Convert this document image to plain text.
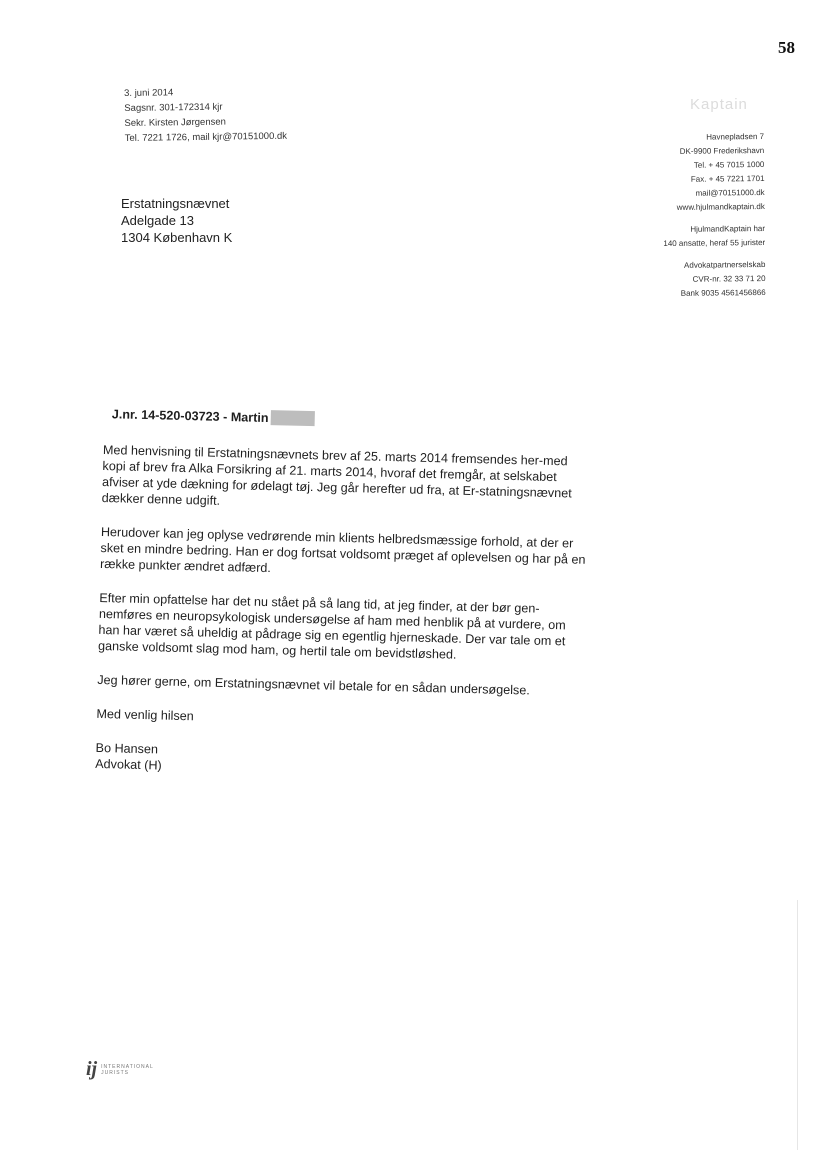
58
3. juni 2014
Sagsnr. 301-172314 kjr
Sekr. Kirsten Jørgensen
Tel. 7221 1726, mail kjr@70151000.dk
Erstatningsnævnet
Adelgade 13
1304 København K
Kaptain
Havnepladsen 7
DK-9900 Frederikshavn
Tel. + 45 7015 1000
Fax. + 45 7221 1701
mail@70151000.dk
www.hjulmandkaptain.dk
HjulmandKaptain har
140 ansatte, heraf 55 jurister
Advokatpartnerselskab
CVR-nr. 32 33 71 20
Bank 9035 4561456866
J.nr. 14-520-03723 - Martin

Med henvisning til Erstatningsnævnets brev af 25. marts 2014 fremsendes her-med kopi af brev fra Alka Forsikring af 21. marts 2014, hvoraf det fremgår, at selskabet afviser at yde dækning for ødelagt tøj. Jeg går herefter ud fra, at Er-statningsnævnet dækker denne udgift.

Herudover kan jeg oplyse vedrørende min klients helbredsmæssige forhold, at der er sket en mindre bedring. Han er dog fortsat voldsomt præget af oplevelsen og har på en række punkter ændret adfærd.

Efter min opfattelse har det nu stået på så lang tid, at jeg finder, at der bør gen-nemføres en neuropsykologisk undersøgelse af ham med henblik på at vurdere, om han har været så uheldig at pådrage sig en egentlig hjerneskade. Der var tale om et ganske voldsomt slag mod ham, og hertil tale om bevidstløshed.

Jeg hører gerne, om Erstatningsnævnet vil betale for en sådan undersøgelse.

Med venlig hilsen
Bo Hansen
Advokat (H)
ij INTERNATIONAL
JURISTS
